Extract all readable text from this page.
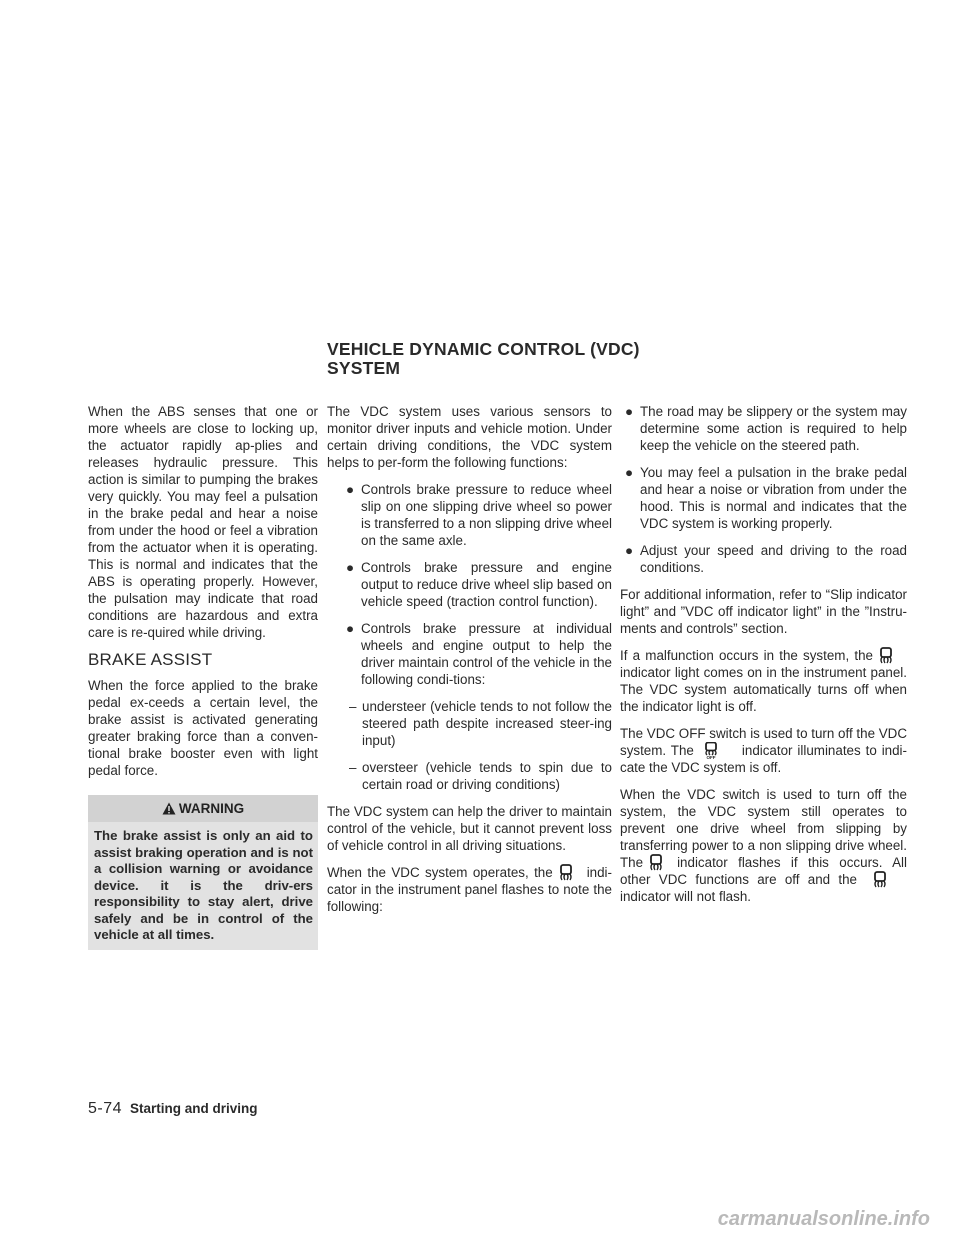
VEHICLE DYNAMIC CONTROL (VDC)
SYSTEM

When the ABS senses that one or more wheels are close to locking up, the actuator rapidly ap-plies and releases hydraulic pressure. This action is similar to pumping the brakes very quickly. You may feel a pulsation in the brake pedal and hear a noise from under the hood or feel a vibration from the actuator when it is operating. This is normal and indicates that the ABS is operating properly. However, the pulsation may indicate that road conditions are hazardous and extra care is re-quired while driving.

BRAKE ASSIST

When the force applied to the brake pedal ex-ceeds a certain level, the brake assist is activated generating greater braking force than a conven-tional brake booster even with light pedal force.

WARNING
The brake assist is only an aid to assist braking operation and is not a collision warning or avoidance device. it is the driv-ers responsibility to stay alert, drive safely and be in control of the vehicle at all times.

The VDC system uses various sensors to monitor driver inputs and vehicle motion. Under certain driving conditions, the VDC system helps to per-form the following functions:

● Controls brake pressure to reduce wheel slip on one slipping drive wheel so power is transferred to a non slipping drive wheel on the same axle.
● Controls brake pressure and engine output to reduce drive wheel slip based on vehicle speed (traction control function).
● Controls brake pressure at individual wheels and engine output to help the driver maintain control of the vehicle in the following condi-tions:
– understeer (vehicle tends to not follow the steered path despite increased steer-ing input)
– oversteer (vehicle tends to spin due to certain road or driving conditions)

The VDC system can help the driver to maintain control of the vehicle, but it cannot prevent loss of vehicle control in all driving situations.

When the VDC system operates, the	indi-cator in the instrument panel flashes to note the following:

● The road may be slippery or the system may determine some action is required to help keep the vehicle on the steered path.
● You may feel a pulsation in the brake pedal and hear a noise or vibration from under the hood. This is normal and indicates that the VDC system is working properly.
● Adjust your speed and driving to the road conditions.

For additional information, refer to “Slip indicator light” and ”VDC off indicator light” in the ”Instru-ments and controls” section.

If a malfunction occurs in the system, theindicator light comes on in the instrument panel. The VDC system automatically turns off when the indicator light is off.

The VDC OFF switch is used to turn off the VDC system. The	OFF indicator illuminates to indi-cate the VDC system is off.

When the VDC switch is used to turn off the system, the VDC system still operates to prevent one drive wheel from slipping by transferring power to a non slipping drive wheel. The	indicator flashes if this occurs. All other VDC functions are off and theindicator will not flash.

5-74 Starting and driving
carmanualsonline.info
